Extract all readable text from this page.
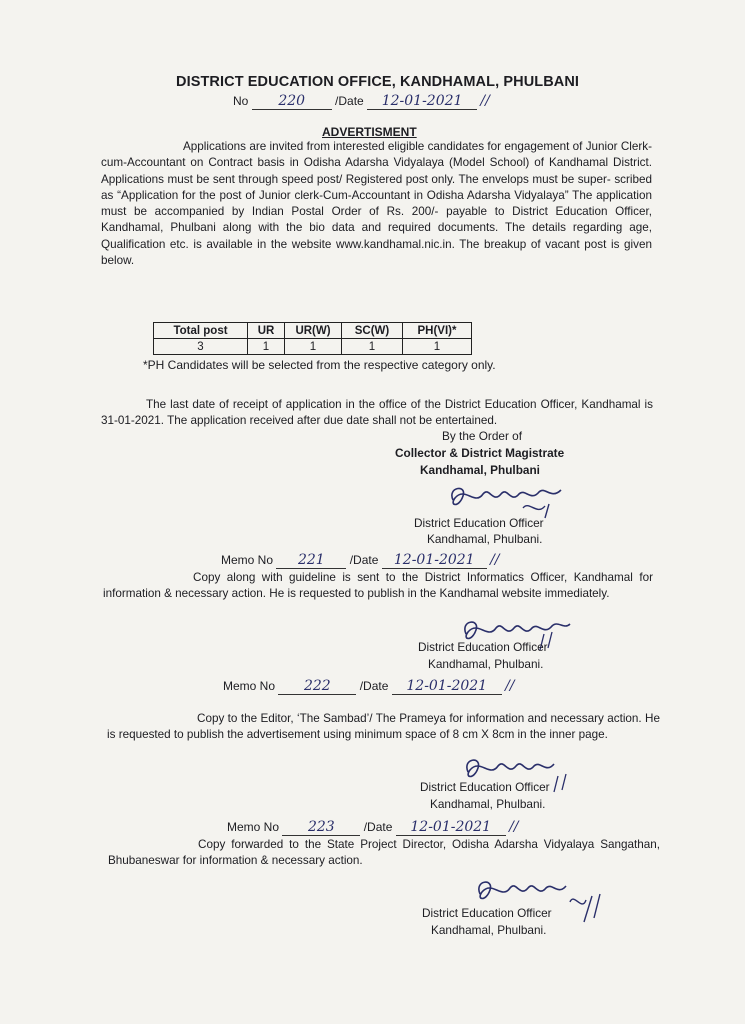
DISTRICT EDUCATION OFFICE, KANDHAMAL, PHULBANI
No 220 /Date 12-01-2021 //
ADVERTISMENT
Applications are invited from interested eligible candidates for engagement of Junior Clerk-cum-Accountant on Contract basis in Odisha Adarsha Vidyalaya (Model School) of Kandhamal District. Applications must be sent through speed post/ Registered post only. The envelops must be super- scribed as “Application for the post of Junior clerk-Cum-Accountant in Odisha Adarsha Vidyalaya” The application must be accompanied by Indian Postal Order of Rs. 200/- payable to District Education Officer, Kandhamal, Phulbani along with the bio data and required documents. The details regarding age, Qualification etc. is available in the website www.kandhamal.nic.in. The breakup of vacant post is given below.
Total post	UR	UR(W)	SC(W)	PH(VI)*
3	1	1	1	1
*PH Candidates will be selected from the respective category only.
The last date of receipt of application in the office of the District Education Officer, Kandhamal is 31-01-2021. The application received after due date shall not be entertained.
By the Order of
Collector & District Magistrate
Kandhamal, Phulbani
District Education Officer
Kandhamal, Phulbani.
Memo No 221 /Date 12-01-2021 //
Copy along with guideline is sent to the District Informatics Officer, Kandhamal for information & necessary action. He is requested to publish in the Kandhamal website immediately.
District Education Officer
Kandhamal, Phulbani.
Memo No 222 /Date 12-01-2021 //
Copy to the Editor, ‘The Sambad’/ The Prameya for information and necessary action. He is requested to publish the advertisement using minimum space of 8 cm X 8cm in the inner page.
District Education Officer
Kandhamal, Phulbani.
Memo No 223 /Date 12-01-2021 //
Copy forwarded to the State Project Director, Odisha Adarsha Vidyalaya Sangathan, Bhubaneswar for information & necessary action.
District Education Officer
Kandhamal, Phulbani.
